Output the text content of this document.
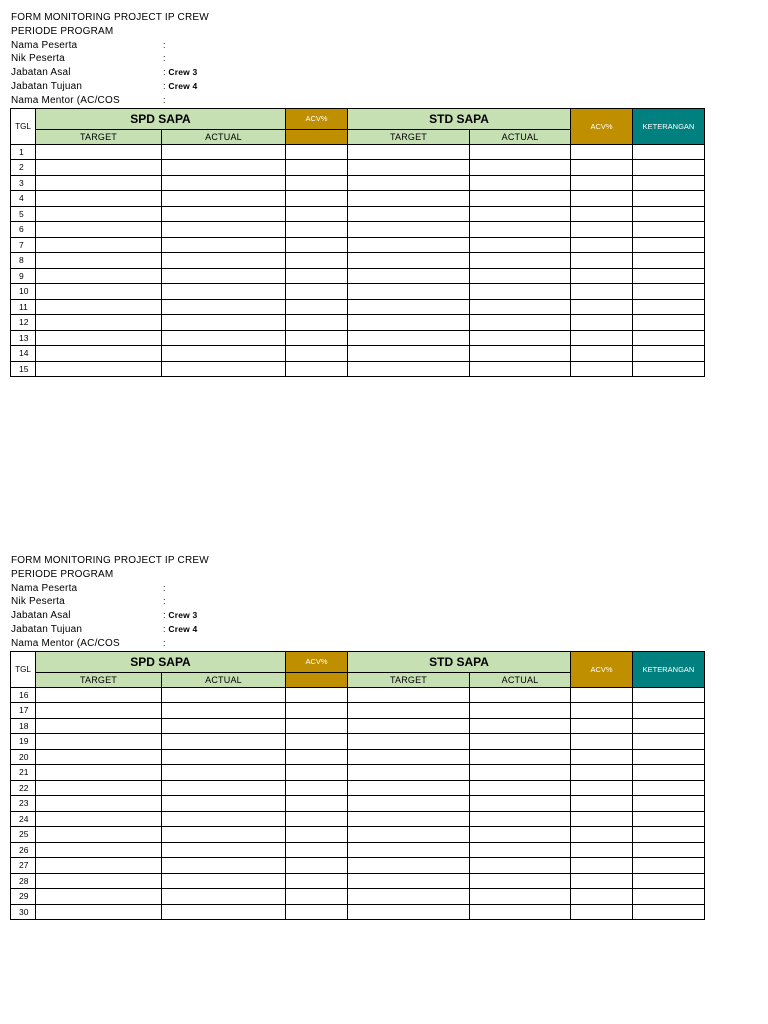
FORM MONITORING PROJECT IP CREW
PERIODE PROGRAM
Nama Peserta	:
Nik Peserta	:
Jabatan Asal	: Crew 3
Jabatan Tujuan	: Crew 4
Nama Mentor (AC/COS	:
TGL	SPD SAPA		ACV%	STD SAPA		ACV%	KETERANGAN
	TARGET	ACTUAL		TARGET	ACTUAL		
1							
2							
3							
4							
5							
6							
7							
8							
9							
10							
11							
12							
13							
14							
15							
FORM MONITORING PROJECT IP CREW
PERIODE PROGRAM
Nama Peserta	:
Nik Peserta	:
Jabatan Asal	: Crew 3
Jabatan Tujuan	: Crew 4
Nama Mentor (AC/COS	:
TGL	SPD SAPA		ACV%	STD SAPA		ACV%	KETERANGAN
	TARGET	ACTUAL		TARGET	ACTUAL		
16							
17							
18							
19							
20							
21							
22							
23							
24							
25							
26							
27							
28							
29							
30							
